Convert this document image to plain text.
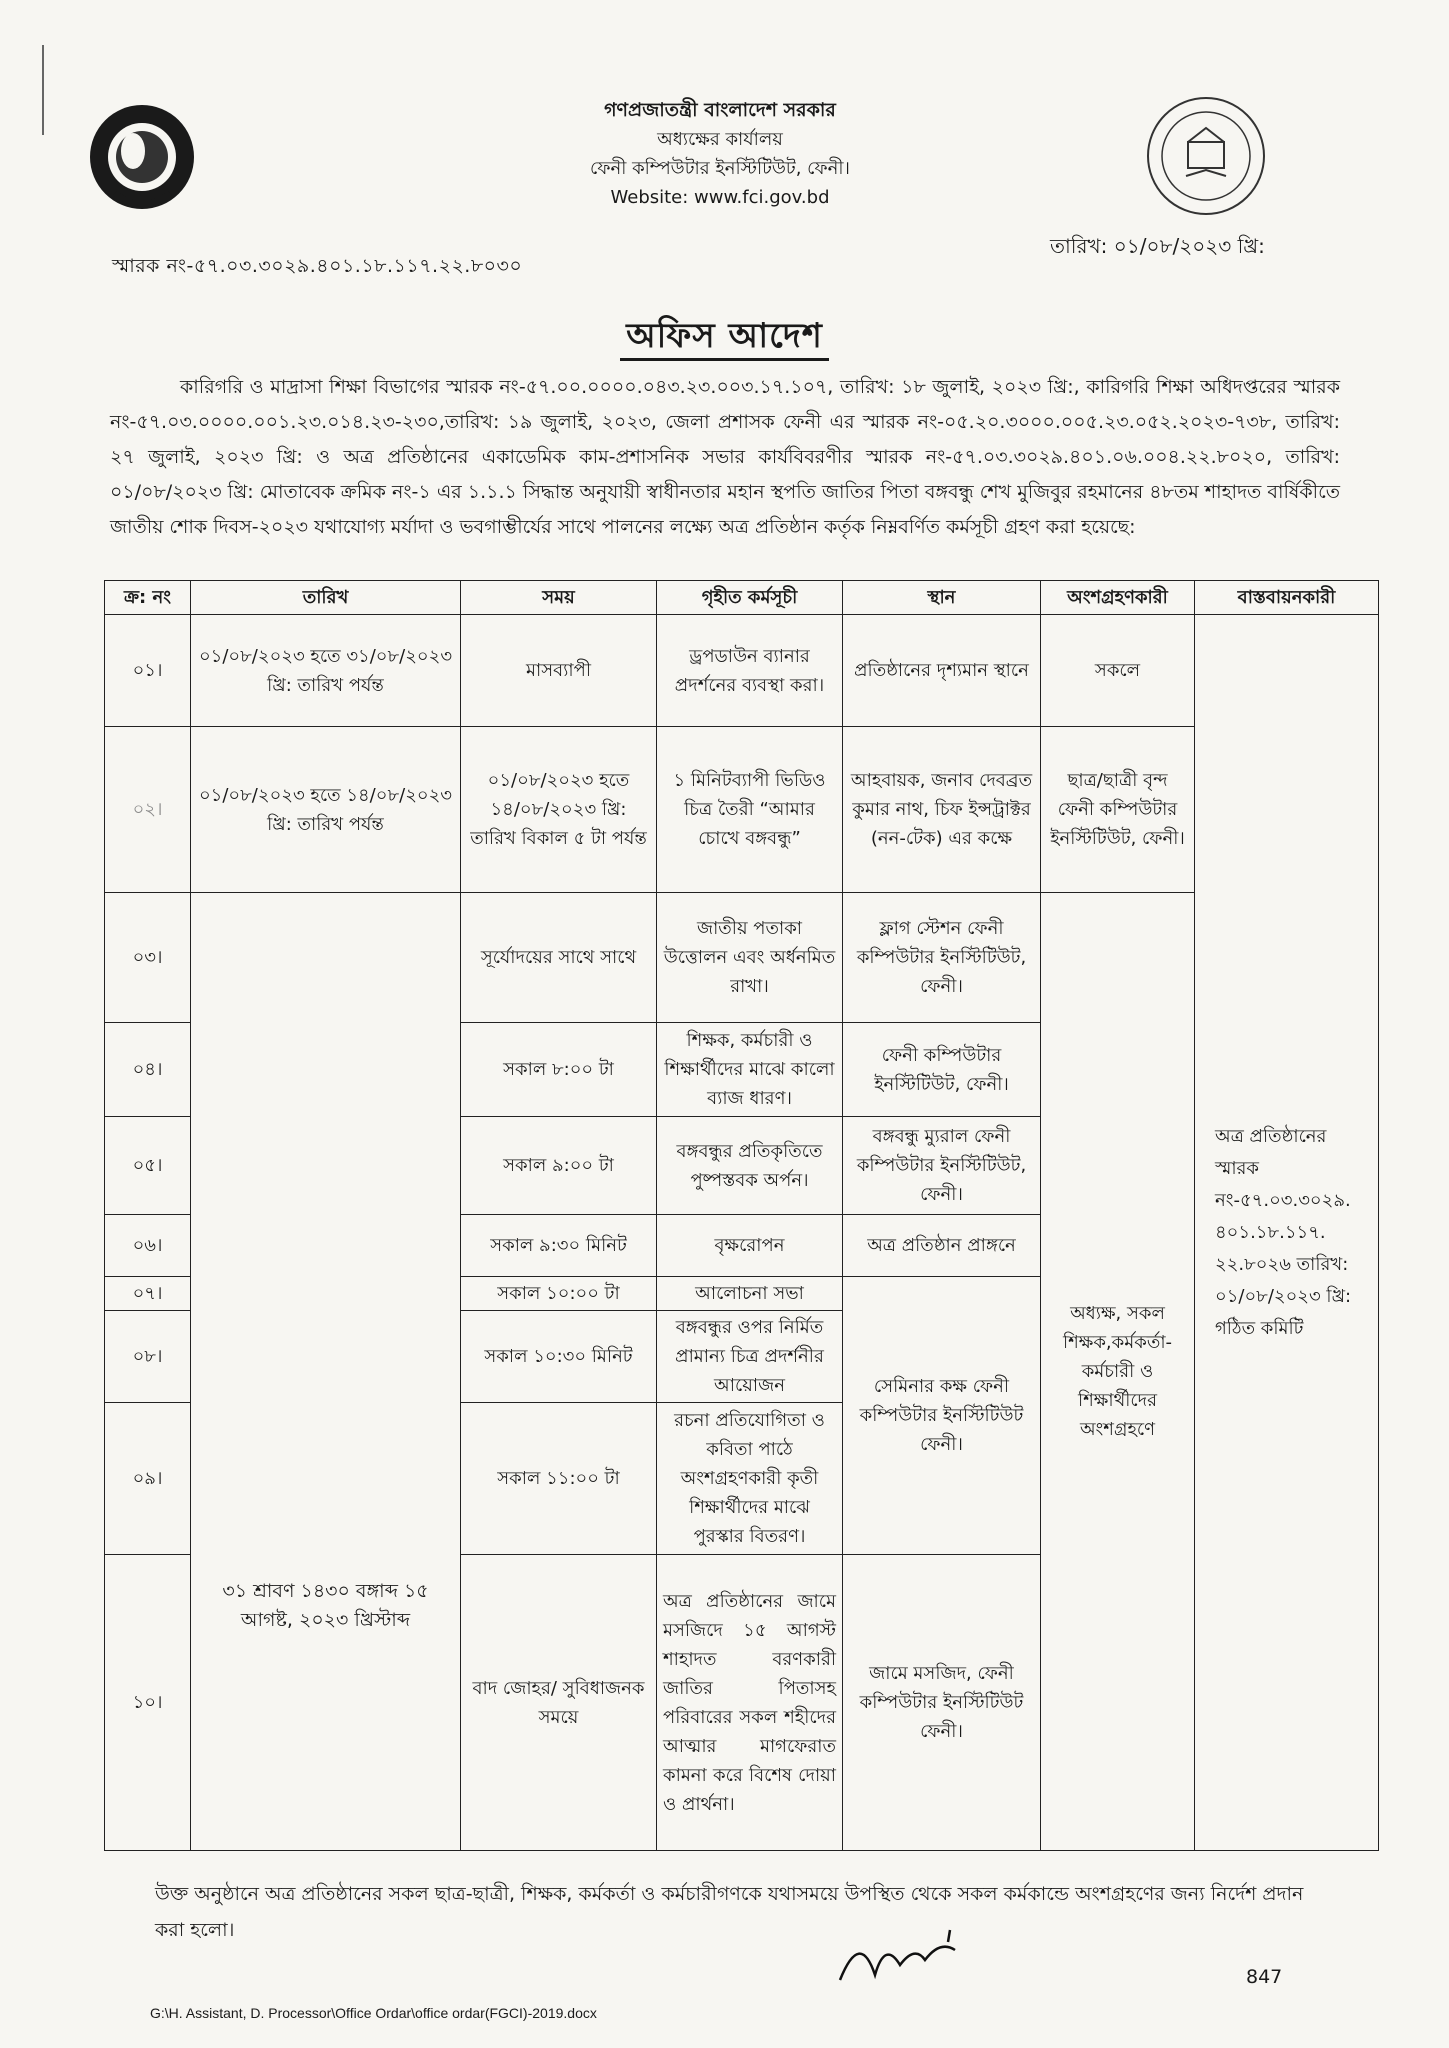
গণপ্রজাতন্ত্রী বাংলাদেশ সরকার
অধ্যক্ষের কার্যালয়
ফেনী কম্পিউটার ইনস্টিটিউট, ফেনী।
Website: www.fci.gov.bd
স্মারক নং-৫৭.০৩.৩০২৯.৪০১.১৮.১১৭.২২.৮০৩০
তারিখ: ০১/০৮/২০২৩ খ্রি:
অফিস আদেশ
কারিগরি ও মাদ্রাসা শিক্ষা বিভাগের স্মারক নং-৫৭.০০.০০০০.০৪৩.২৩.০০৩.১৭.১০৭, তারিখ: ১৮ জুলাই, ২০২৩ খ্রি:, কারিগরি শিক্ষা অধিদপ্তরের স্মারক নং-৫৭.০৩.০০০০.০০১.২৩.০১৪.২৩-২৩০,তারিখ: ১৯ জুলাই, ২০২৩, জেলা প্রশাসক ফেনী এর স্মারক নং-০৫.২০.৩০০০.০০৫.২৩.০৫২.২০২৩-৭৩৮, তারিখ: ২৭ জুলাই, ২০২৩ খ্রি: ও অত্র প্রতিষ্ঠানের একাডেমিক কাম-প্রশাসনিক সভার কার্যবিবরণীর স্মারক নং-৫৭.০৩.৩০২৯.৪০১.০৬.০০৪.২২.৮০২০, তারিখ: ০১/০৮/২০২৩ খ্রি: মোতাবেক ক্রমিক নং-১ এর ১.১.১ সিদ্ধান্ত অনুযায়ী স্বাধীনতার মহান স্থপতি জাতির পিতা বঙ্গবন্ধু শেখ মুজিবুর রহমানের ৪৮তম শাহাদত বার্ষিকীতে জাতীয় শোক দিবস-২০২৩ যথাযোগ্য মর্যাদা ও ভবগাম্ভীর্যের সাথে পালনের লক্ষ্যে অত্র প্রতিষ্ঠান কর্তৃক নিম্নবর্ণিত কর্মসূচী গ্রহণ করা হয়েছে:
ক্র: নং	তারিখ	সময়	গৃহীত কর্মসূচী	স্থান	অংশগ্রহণকারী	বাস্তবায়নকারী
০১।	০১/০৮/২০২৩ হতে ৩১/০৮/২০২৩ খ্রি: তারিখ পর্যন্ত	মাসব্যাপী	ড্রপডাউন ব্যানার প্রদর্শনের ব্যবস্থা করা।	প্রতিষ্ঠানের দৃশ্যমান স্থানে	সকলে	অত্র প্রতিষ্ঠানের স্মারক নং-৫৭.০৩.৩০২৯. ৪০১.১৮.১১৭. ২২.৮০২৬ তারিখ: ০১/০৮/২০২৩ খ্রি: গঠিত কমিটি
০২।	০১/০৮/২০২৩ হতে ১৪/০৮/২০২৩ খ্রি: তারিখ পর্যন্ত	০১/০৮/২০২৩ হতে ১৪/০৮/২০২৩ খ্রি: তারিখ বিকাল ৫ টা পর্যন্ত	১ মিনিটব্যাপী ভিডিও চিত্র তৈরী “আমার চোখে বঙ্গবন্ধু”	আহবায়ক, জনাব দেবব্রত কুমার নাথ, চিফ ইন্সট্রাক্টর (নন-টেক) এর কক্ষে	ছাত্র/ছাত্রী বৃন্দ ফেনী কম্পিউটার ইনস্টিটিউট, ফেনী।	
০৩।	৩১ শ্রাবণ ১৪৩০ বঙ্গাব্দ ১৫ আগষ্ট, ২০২৩ খ্রিস্টাব্দ	সূর্যোদয়ের সাথে সাথে	জাতীয় পতাকা উত্তোলন এবং অর্ধনমিত রাখা।	ফ্লাগ স্টেশন ফেনী কম্পিউটার ইনস্টিটিউট, ফেনী।	অধ্যক্ষ, সকল শিক্ষক,কর্মকর্তা-কর্মচারী ও শিক্ষার্থীদের অংশগ্রহণে	
০৪।		সকাল ৮:০০ টা	শিক্ষক, কর্মচারী ও শিক্ষার্থীদের মাঝে কালো ব্যাজ ধারণ।	ফেনী কম্পিউটার ইনস্টিটিউট, ফেনী।		
০৫।		সকাল ৯:০০ টা	বঙ্গবন্ধুর প্রতিকৃতিতে পুষ্পস্তবক অর্পন।	বঙ্গবন্ধু ম্যুরাল ফেনী কম্পিউটার ইনস্টিটিউট, ফেনী।		
০৬।		সকাল ৯:৩০ মিনিট	বৃক্ষরোপন	অত্র প্রতিষ্ঠান প্রাঙ্গনে		
০৭।		সকাল ১০:০০ টা	আলোচনা সভা	সেমিনার কক্ষ ফেনী কম্পিউটার ইনস্টিটিউট ফেনী।		
০৮।		সকাল ১০:৩০ মিনিট	বঙ্গবন্ধুর ওপর নির্মিত প্রামান্য চিত্র প্রদর্শনীর আয়োজন			
০৯।		সকাল ১১:০০ টা	রচনা প্রতিযোগিতা ও কবিতা পাঠে অংশগ্রহণকারী কৃতী শিক্ষার্থীদের মাঝে পুরস্কার বিতরণ।			
১০।		বাদ জোহর/ সুবিধাজনক সময়ে	অত্র প্রতিষ্ঠানের জামে মসজিদে ১৫ আগস্ট শাহাদত বরণকারী জাতির পিতাসহ পরিবারের সকল শহীদের আত্মার মাগফেরাত কামনা করে বিশেষ দোয়া ও প্রার্থনা।	জামে মসজিদ, ফেনী কম্পিউটার ইনস্টিটিউট ফেনী।		
উক্ত অনুষ্ঠানে অত্র প্রতিষ্ঠানের সকল ছাত্র-ছাত্রী, শিক্ষক, কর্মকর্তা ও কর্মচারীগণকে যথাসময়ে উপস্থিত থেকে সকল কর্মকান্ডে অংশগ্রহণের জন্য নির্দেশ প্রদান করা হলো।
847
G:\H. Assistant, D. Processor\Office Ordar\office ordar(FGCI)-2019.docx
